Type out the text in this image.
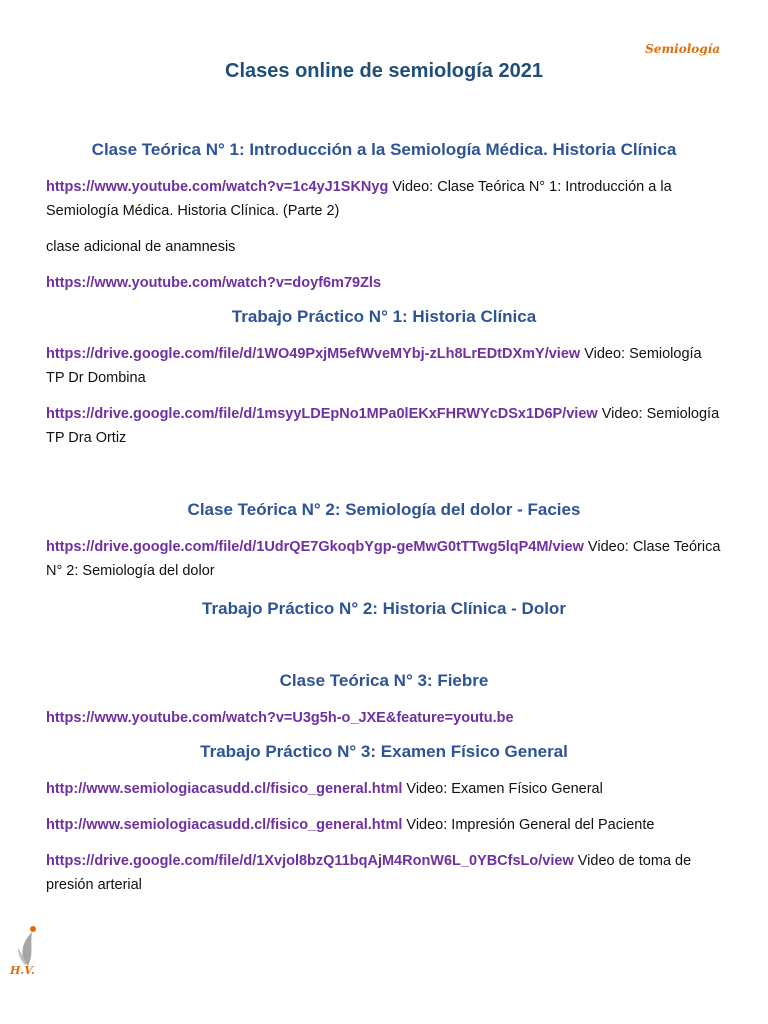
Semiología
Clases online de semiología 2021
Clase Teórica N° 1: Introducción a la Semiología Médica. Historia Clínica

https://www.youtube.com/watch?v=1c4yJ1SKNyg Video: Clase Teórica N° 1: Introducción a la Semiología Médica. Historia Clínica. (Parte 2)

clase adicional de anamnesis

https://www.youtube.com/watch?v=doyf6m79Zls

Trabajo Práctico N° 1: Historia Clínica

https://drive.google.com/file/d/1WO49PxjM5efWveMYbj-zLh8LrEDtDXmY/view Video: Semiología TP Dr Dombina

https://drive.google.com/file/d/1msyyLDEpNo1MPa0lEKxFHRWYcDSx1D6P/view Video: Semiología TP Dra Ortiz

Clase Teórica N° 2: Semiología del dolor - Facies

https://drive.google.com/file/d/1UdrQE7GkoqbYgp-geMwG0tTTwg5lqP4M/view Video: Clase Teórica N° 2: Semiología del dolor

Trabajo Práctico N° 2: Historia Clínica - Dolor
Clase Teórica N° 3: Fiebre

https://www.youtube.com/watch?v=U3g5h-o_JXE&feature=youtu.be

Trabajo Práctico N° 3: Examen Físico General

http://www.semiologiacasudd.cl/fisico_general.html Video: Examen Físico General

http://www.semiologiacasudd.cl/fisico_general.html Video: Impresión General del Paciente

https://drive.google.com/file/d/1Xvjol8bzQ11bqAjM4RonW6L_0YBCfsLo/view Video de toma de presión arterial

H.V.
